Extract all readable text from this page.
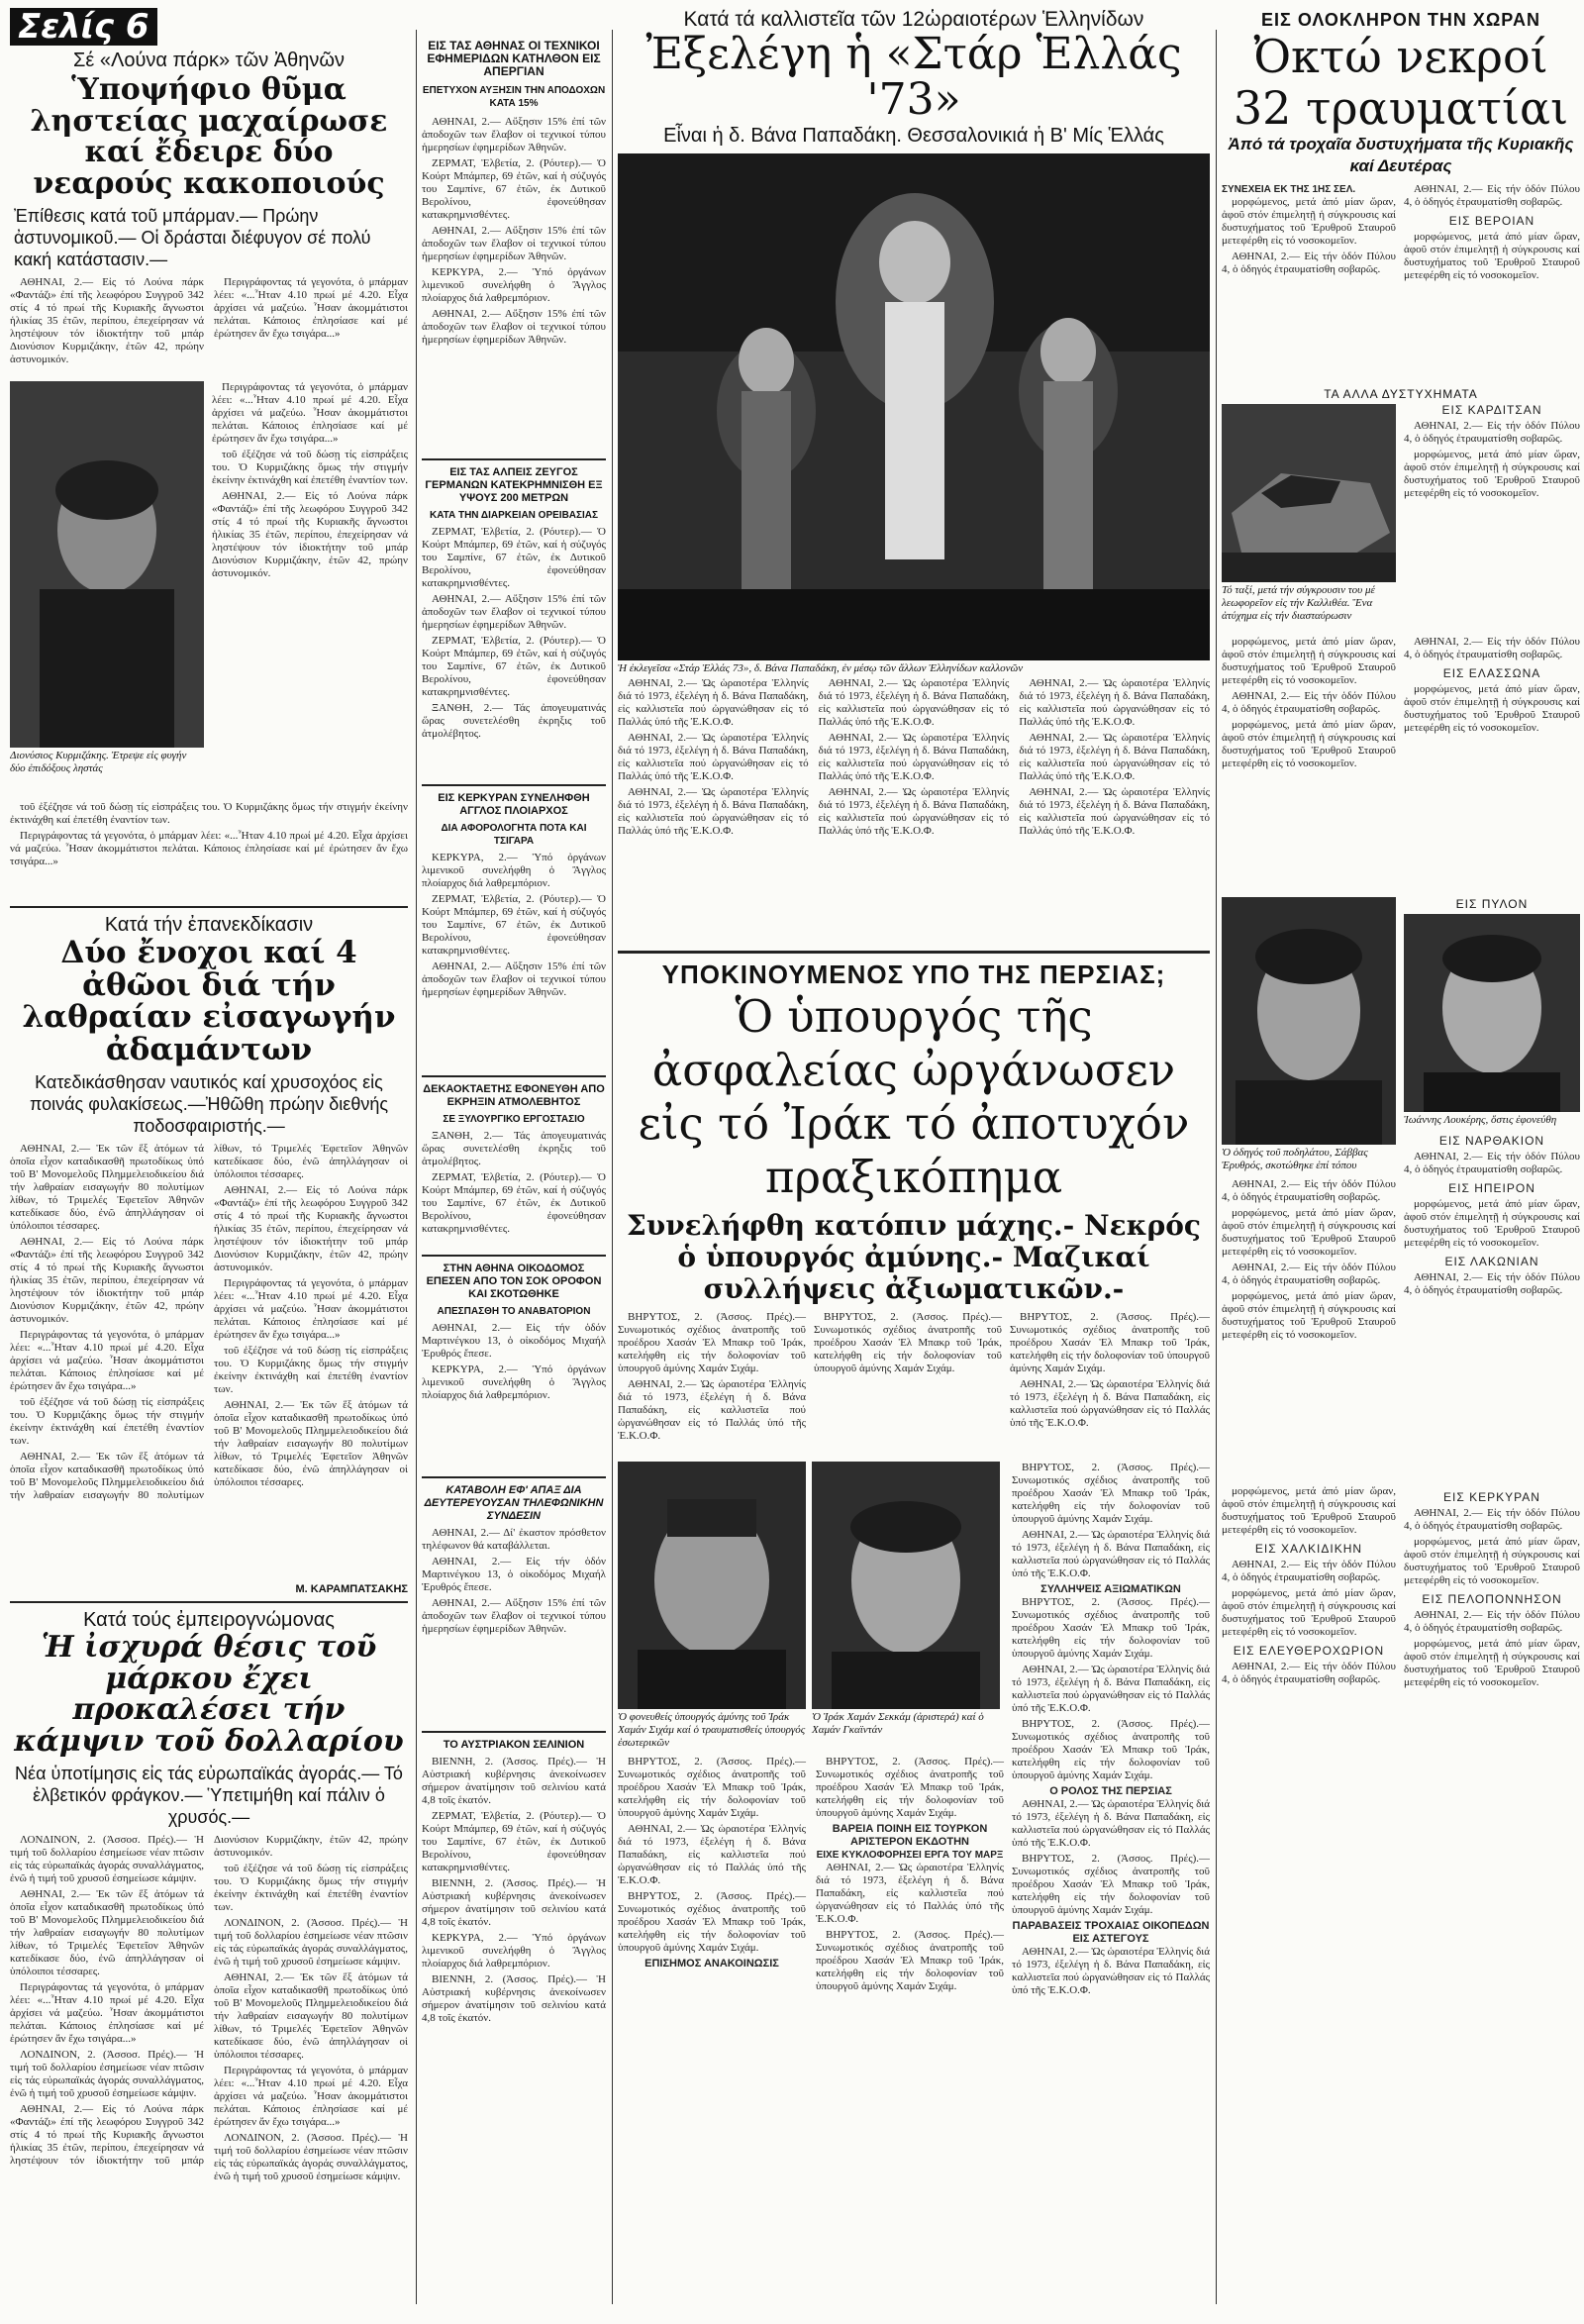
Σελίς 6
Σέ «Λούνα πάρκ» τῶν Ἀθηνῶν
Ὑποψήφιο θῦμα ληστείας μαχαίρωσε καί ἔδειρε δύο νεαρούς κακοποιούς
Ἐπίθεσις κατά τοῦ μπάρμαν.— Πρώην ἀστυνομικοῦ.— Οἱ δράσται διέφυγον σέ πολύ κακή κατάστασιν.—

ΑΘΗΝΑΙ, 2.— Εἰς τό Λούνα πάρκ «Φαντάζι» ἐπί τῆς λεωφόρου Συγγροῦ 342 στίς 4 τό πρωί τῆς Κυριακῆς ἄγνωστοι ἡλικίας 35 ἐτῶν, περίπου, ἐπεχείρησαν νά ληστέψουν τόν ἰδιοκτήτην τοῦ μπάρ Διονύσιον Κυρμιζάκην, ἐτῶν 42, πρώην ἀστυνομικόν.

Περιγράφοντας τά γεγονότα, ὁ μπάρμαν λέει: «...Ἦταν 4.10 πρωί μέ 4.20. Εἶχα ἀρχίσει νά μαζεύω. Ἦσαν ἀκομμάτιστοι πελάται. Κάποιος ἐπλησίασε καί μέ ἐρώτησεν ἄν ἔχω τσιγάρα...»

Διονύσιος Κυρμιζάκης. Ἐτρεψε εἰς φυγήν δύο ἐπιδόξους ληστάς

Περιγράφοντας τά γεγονότα, ὁ μπάρμαν λέει: «...Ἦταν 4.10 πρωί μέ 4.20. Εἶχα ἀρχίσει νά μαζεύω. Ἦσαν ἀκομμάτιστοι πελάται. Κάποιος ἐπλησίασε καί μέ ἐρώτησεν ἄν ἔχω τσιγάρα...»

τοῦ ἐξέζησε νά τοῦ δώσῃ τίς εἰσπράξεις του. Ὁ Κυρμιζάκης ὅμως τήν στιγμήν ἐκείνην ἐκτινάχθη καί ἐπετέθη ἐναντίον των.

ΑΘΗΝΑΙ, 2.— Εἰς τό Λούνα πάρκ «Φαντάζι» ἐπί τῆς λεωφόρου Συγγροῦ 342 στίς 4 τό πρωί τῆς Κυριακῆς ἄγνωστοι ἡλικίας 35 ἐτῶν, περίπου, ἐπεχείρησαν νά ληστέψουν τόν ἰδιοκτήτην τοῦ μπάρ Διονύσιον Κυρμιζάκην, ἐτῶν 42, πρώην ἀστυνομικόν.

τοῦ ἐξέζησε νά τοῦ δώσῃ τίς εἰσπράξεις του. Ὁ Κυρμιζάκης ὅμως τήν στιγμήν ἐκείνην ἐκτινάχθη καί ἐπετέθη ἐναντίον των.

Περιγράφοντας τά γεγονότα, ὁ μπάρμαν λέει: «...Ἦταν 4.10 πρωί μέ 4.20. Εἶχα ἀρχίσει νά μαζεύω. Ἦσαν ἀκομμάτιστοι πελάται. Κάποιος ἐπλησίασε καί μέ ἐρώτησεν ἄν ἔχω τσιγάρα...»

Κατά τήν ἐπανεκδίκασιν
Δύο ἔνοχοι καί 4 ἀθῶοι διά τήν λαθραίαν εἰσαγωγήν ἀδαμάντων
Κατεδικάσθησαν ναυτικός καί χρυσοχόος εἰς ποινάς φυλακίσεως.—Ἠθῶθη πρώην διεθνής ποδοσφαιριστής.—

ΑΘΗΝΑΙ, 2.— Ἐκ τῶν ἕξ ἀτόμων τά ὁποῖα εἶχον καταδικασθῆ πρωτοδίκως ὑπό τοῦ Β' Μονομελοῦς Πλημμελειοδικείου διά τήν λαθραίαν εισαγωγήν 80 πολυτίμων λίθων, τό Τριμελές Ἐφετεῖον Ἀθηνῶν κατεδίκασε δύο, ἐνῶ ἀπηλλάγησαν οἱ ὑπόλοιποι τέσσαρες.

ΑΘΗΝΑΙ, 2.— Εἰς τό Λούνα πάρκ «Φαντάζι» ἐπί τῆς λεωφόρου Συγγροῦ 342 στίς 4 τό πρωί τῆς Κυριακῆς ἄγνωστοι ἡλικίας 35 ἐτῶν, περίπου, ἐπεχείρησαν νά ληστέψουν τόν ἰδιοκτήτην τοῦ μπάρ Διονύσιον Κυρμιζάκην, ἐτῶν 42, πρώην ἀστυνομικόν.

Περιγράφοντας τά γεγονότα, ὁ μπάρμαν λέει: «...Ἦταν 4.10 πρωί μέ 4.20. Εἶχα ἀρχίσει νά μαζεύω. Ἦσαν ἀκομμάτιστοι πελάται. Κάποιος ἐπλησίασε καί μέ ἐρώτησεν ἄν ἔχω τσιγάρα...»

τοῦ ἐξέζησε νά τοῦ δώσῃ τίς εἰσπράξεις του. Ὁ Κυρμιζάκης ὅμως τήν στιγμήν ἐκείνην ἐκτινάχθη καί ἐπετέθη ἐναντίον των.

ΑΘΗΝΑΙ, 2.— Ἐκ τῶν ἕξ ἀτόμων τά ὁποῖα εἶχον καταδικασθῆ πρωτοδίκως ὑπό τοῦ Β' Μονομελοῦς Πλημμελειοδικείου διά τήν λαθραίαν εισαγωγήν 80 πολυτίμων λίθων, τό Τριμελές Ἐφετεῖον Ἀθηνῶν κατεδίκασε δύο, ἐνῶ ἀπηλλάγησαν οἱ ὑπόλοιποι τέσσαρες.

ΑΘΗΝΑΙ, 2.— Εἰς τό Λούνα πάρκ «Φαντάζι» ἐπί τῆς λεωφόρου Συγγροῦ 342 στίς 4 τό πρωί τῆς Κυριακῆς ἄγνωστοι ἡλικίας 35 ἐτῶν, περίπου, ἐπεχείρησαν νά ληστέψουν τόν ἰδιοκτήτην τοῦ μπάρ Διονύσιον Κυρμιζάκην, ἐτῶν 42, πρώην ἀστυνομικόν.

Περιγράφοντας τά γεγονότα, ὁ μπάρμαν λέει: «...Ἦταν 4.10 πρωί μέ 4.20. Εἶχα ἀρχίσει νά μαζεύω. Ἦσαν ἀκομμάτιστοι πελάται. Κάποιος ἐπλησίασε καί μέ ἐρώτησεν ἄν ἔχω τσιγάρα...»

τοῦ ἐξέζησε νά τοῦ δώσῃ τίς εἰσπράξεις του. Ὁ Κυρμιζάκης ὅμως τήν στιγμήν ἐκείνην ἐκτινάχθη καί ἐπετέθη ἐναντίον των.

ΑΘΗΝΑΙ, 2.— Ἐκ τῶν ἕξ ἀτόμων τά ὁποῖα εἶχον καταδικασθῆ πρωτοδίκως ὑπό τοῦ Β' Μονομελοῦς Πλημμελειοδικείου διά τήν λαθραίαν εισαγωγήν 80 πολυτίμων λίθων, τό Τριμελές Ἐφετεῖον Ἀθηνῶν κατεδίκασε δύο, ἐνῶ ἀπηλλάγησαν οἱ ὑπόλοιποι τέσσαρες.

Μ. ΚΑΡΑΜΠΑΤΣΑΚΗΣ
Κατά τούς ἐμπειρογνώμονας
Ἡ ἰσχυρά θέσις τοῦ μάρκου ἔχει προκαλέσει τήν κάμψιν τοῦ δολλαρίου
Νέα ὑποτίμησις εἰς τάς εὐρωπαϊκάς ἀγοράς.— Τό ἐλβετικόν φράγκον.— Ὑπετιμήθη καί πάλιν ὁ χρυσός.—

ΛΟΝΔΙΝΟΝ, 2. (Ἀσσοσ. Πρές).— Ἡ τιμή τοῦ δολλαρίου ἐσημείωσε νέαν πτῶσιν εἰς τάς εὐρωπαϊκάς ἀγοράς συναλλάγματος, ἐνῶ ἡ τιμή τοῦ χρυσοῦ ἐσημείωσε κάμψιν.

ΑΘΗΝΑΙ, 2.— Ἐκ τῶν ἕξ ἀτόμων τά ὁποῖα εἶχον καταδικασθῆ πρωτοδίκως ὑπό τοῦ Β' Μονομελοῦς Πλημμελειοδικείου διά τήν λαθραίαν εισαγωγήν 80 πολυτίμων λίθων, τό Τριμελές Ἐφετεῖον Ἀθηνῶν κατεδίκασε δύο, ἐνῶ ἀπηλλάγησαν οἱ ὑπόλοιποι τέσσαρες.

Περιγράφοντας τά γεγονότα, ὁ μπάρμαν λέει: «...Ἦταν 4.10 πρωί μέ 4.20. Εἶχα ἀρχίσει νά μαζεύω. Ἦσαν ἀκομμάτιστοι πελάται. Κάποιος ἐπλησίασε καί μέ ἐρώτησεν ἄν ἔχω τσιγάρα...»

ΛΟΝΔΙΝΟΝ, 2. (Ἀσσοσ. Πρές).— Ἡ τιμή τοῦ δολλαρίου ἐσημείωσε νέαν πτῶσιν εἰς τάς εὐρωπαϊκάς ἀγοράς συναλλάγματος, ἐνῶ ἡ τιμή τοῦ χρυσοῦ ἐσημείωσε κάμψιν.

ΑΘΗΝΑΙ, 2.— Εἰς τό Λούνα πάρκ «Φαντάζι» ἐπί τῆς λεωφόρου Συγγροῦ 342 στίς 4 τό πρωί τῆς Κυριακῆς ἄγνωστοι ἡλικίας 35 ἐτῶν, περίπου, ἐπεχείρησαν νά ληστέψουν τόν ἰδιοκτήτην τοῦ μπάρ Διονύσιον Κυρμιζάκην, ἐτῶν 42, πρώην ἀστυνομικόν.

τοῦ ἐξέζησε νά τοῦ δώσῃ τίς εἰσπράξεις του. Ὁ Κυρμιζάκης ὅμως τήν στιγμήν ἐκείνην ἐκτινάχθη καί ἐπετέθη ἐναντίον των.

ΛΟΝΔΙΝΟΝ, 2. (Ἀσσοσ. Πρές).— Ἡ τιμή τοῦ δολλαρίου ἐσημείωσε νέαν πτῶσιν εἰς τάς εὐρωπαϊκάς ἀγοράς συναλλάγματος, ἐνῶ ἡ τιμή τοῦ χρυσοῦ ἐσημείωσε κάμψιν.

ΑΘΗΝΑΙ, 2.— Ἐκ τῶν ἕξ ἀτόμων τά ὁποῖα εἶχον καταδικασθῆ πρωτοδίκως ὑπό τοῦ Β' Μονομελοῦς Πλημμελειοδικείου διά τήν λαθραίαν εισαγωγήν 80 πολυτίμων λίθων, τό Τριμελές Ἐφετεῖον Ἀθηνῶν κατεδίκασε δύο, ἐνῶ ἀπηλλάγησαν οἱ ὑπόλοιποι τέσσαρες.

Περιγράφοντας τά γεγονότα, ὁ μπάρμαν λέει: «...Ἦταν 4.10 πρωί μέ 4.20. Εἶχα ἀρχίσει νά μαζεύω. Ἦσαν ἀκομμάτιστοι πελάται. Κάποιος ἐπλησίασε καί μέ ἐρώτησεν ἄν ἔχω τσιγάρα...»

ΛΟΝΔΙΝΟΝ, 2. (Ἀσσοσ. Πρές).— Ἡ τιμή τοῦ δολλαρίου ἐσημείωσε νέαν πτῶσιν εἰς τάς εὐρωπαϊκάς ἀγοράς συναλλάγματος, ἐνῶ ἡ τιμή τοῦ χρυσοῦ ἐσημείωσε κάμψιν.

ΕΙΣ ΤΑΣ ΑΘΗΝΑΣ ΟΙ ΤΕΧΝΙΚΟΙ ΕΦΗΜΕΡΙΔΩΝ ΚΑΤΗΛΘΟΝ ΕΙΣ ΑΠΕΡΓΙΑΝ
ΕΠΕΤΥΧΟΝ ΑΥΞΗΣΙΝ ΤΗΝ ΑΠΟΔΟΧΩΝ ΚΑΤΑ 15%

ΑΘΗΝΑΙ, 2.— Αὔξησιν 15% ἐπί τῶν ἀποδοχῶν των ἔλαβον οἱ τεχνικοί τύπου ἡμερησίων ἐφημερίδων Ἀθηνῶν.

ΖΕΡΜΑΤ, Ἐλβετία, 2. (Ρόυτερ).— Ὁ Κούρτ Μπάμπερ, 69 ἐτῶν, καί ἡ σύζυγός του Σαμπίνε, 67 ἐτῶν, ἐκ Δυτικοῦ Βερολίνου, ἐφονεύθησαν κατακρημνισθέντες.

ΑΘΗΝΑΙ, 2.— Αὔξησιν 15% ἐπί τῶν ἀποδοχῶν των ἔλαβον οἱ τεχνικοί τύπου ἡμερησίων ἐφημερίδων Ἀθηνῶν.

ΚΕΡΚΥΡΑ, 2.— Ὑπό ὀργάνων λιμενικοῦ συνελήφθη ὁ Ἄγγλος πλοίαρχος διά λαθρεμπόριον.

ΑΘΗΝΑΙ, 2.— Αὔξησιν 15% ἐπί τῶν ἀποδοχῶν των ἔλαβον οἱ τεχνικοί τύπου ἡμερησίων ἐφημερίδων Ἀθηνῶν.

ΕΙΣ ΤΑΣ ΑΛΠΕΙΣ ΖΕΥΓΟΣ ΓΕΡΜΑΝΩΝ ΚΑΤΕΚΡΗΜΝΙΣΘΗ ΕΞ ΥΨΟΥΣ 200 ΜΕΤΡΩΝ
ΚΑΤΑ ΤΗΝ ΔΙΑΡΚΕΙΑΝ ΟΡΕΙΒΑΣΙΑΣ

ΖΕΡΜΑΤ, Ἐλβετία, 2. (Ρόυτερ).— Ὁ Κούρτ Μπάμπερ, 69 ἐτῶν, καί ἡ σύζυγός του Σαμπίνε, 67 ἐτῶν, ἐκ Δυτικοῦ Βερολίνου, ἐφονεύθησαν κατακρημνισθέντες.

ΑΘΗΝΑΙ, 2.— Αὔξησιν 15% ἐπί τῶν ἀποδοχῶν των ἔλαβον οἱ τεχνικοί τύπου ἡμερησίων ἐφημερίδων Ἀθηνῶν.

ΖΕΡΜΑΤ, Ἐλβετία, 2. (Ρόυτερ).— Ὁ Κούρτ Μπάμπερ, 69 ἐτῶν, καί ἡ σύζυγός του Σαμπίνε, 67 ἐτῶν, ἐκ Δυτικοῦ Βερολίνου, ἐφονεύθησαν κατακρημνισθέντες.

ΞΑΝΘΗ, 2.— Τάς ἀπογευματινάς ὥρας συνετελέσθη ἐκρηξις τοῦ ἀτμολέβητος.

ΕΙΣ ΚΕΡΚΥΡΑΝ ΣΥΝΕΛΗΦΘΗ ΑΓΓΛΟΣ ΠΛΟΙΑΡΧΟΣ
ΔΙΑ ΑΦΟΡΟΛΟΓΗΤΑ ΠΟΤΑ ΚΑΙ ΤΣΙΓΑΡΑ

ΚΕΡΚΥΡΑ, 2.— Ὑπό ὀργάνων λιμενικοῦ συνελήφθη ὁ Ἄγγλος πλοίαρχος διά λαθρεμπόριον.

ΖΕΡΜΑΤ, Ἐλβετία, 2. (Ρόυτερ).— Ὁ Κούρτ Μπάμπερ, 69 ἐτῶν, καί ἡ σύζυγός του Σαμπίνε, 67 ἐτῶν, ἐκ Δυτικοῦ Βερολίνου, ἐφονεύθησαν κατακρημνισθέντες.

ΑΘΗΝΑΙ, 2.— Αὔξησιν 15% ἐπί τῶν ἀποδοχῶν των ἔλαβον οἱ τεχνικοί τύπου ἡμερησίων ἐφημερίδων Ἀθηνῶν.

ΔΕΚΑΟΚΤΑΕΤΗΣ ΕΦΟΝΕΥΘΗ ΑΠΟ ΕΚΡΗΞΙΝ ΑΤΜΟΛΕΒΗΤΟΣ
ΣΕ ΞΥΛΟΥΡΓΙΚΟ ΕΡΓΟΣΤΑΣΙΟ

ΞΑΝΘΗ, 2.— Τάς ἀπογευματινάς ὥρας συνετελέσθη ἐκρηξις τοῦ ἀτμολέβητος.

ΖΕΡΜΑΤ, Ἐλβετία, 2. (Ρόυτερ).— Ὁ Κούρτ Μπάμπερ, 69 ἐτῶν, καί ἡ σύζυγός του Σαμπίνε, 67 ἐτῶν, ἐκ Δυτικοῦ Βερολίνου, ἐφονεύθησαν κατακρημνισθέντες.

ΣΤΗΝ ΑΘΗΝΑ ΟΙΚΟΔΟΜΟΣ ΕΠΕΣΕΝ ΑΠΟ ΤΟΝ ΣΟΚ ΟΡΟΦΟΝ ΚΑΙ ΣΚΟΤΩΘΗΚΕ
ΑΠΕΣΠΑΣΘΗ ΤΟ ΑΝΑΒΑΤΟΡΙΟΝ

ΑΘΗΝΑΙ, 2.— Εἰς τήν ὁδόν Μαρτινέγκου 13, ὁ οἰκοδόμος Μιχαήλ Ἐρυθρός ἔπεσε.

ΚΕΡΚΥΡΑ, 2.— Ὑπό ὀργάνων λιμενικοῦ συνελήφθη ὁ Ἄγγλος πλοίαρχος διά λαθρεμπόριον.

ΚΑΤΑΒΟΛΗ ΕΦ' ΑΠΑΞ ΔΙΑ ΔΕΥΤΕΡΕΥΟΥΣΑΝ ΤΗΛΕΦΩΝΙΚΗΝ ΣΥΝΔΕΣΙΝ

ΑΘΗΝΑΙ, 2.— Δί' ἐκαστον πρόσθετον τηλέφωνον θά καταβάλλεται.

ΑΘΗΝΑΙ, 2.— Εἰς τήν ὁδόν Μαρτινέγκου 13, ὁ οἰκοδόμος Μιχαήλ Ἐρυθρός ἔπεσε.

ΑΘΗΝΑΙ, 2.— Αὔξησιν 15% ἐπί τῶν ἀποδοχῶν των ἔλαβον οἱ τεχνικοί τύπου ἡμερησίων ἐφημερίδων Ἀθηνῶν.

ΤΟ ΑΥΣΤΡΙΑΚΟΝ ΣΕΛΙΝΙΟΝ

ΒΙΕΝΝΗ, 2. (Ἀσσος. Πρές).— Ἡ Αὐστριακή κυβέρνησις ἀνεκοίνωσεν σήμερον ἀνατίμησιν τοῦ σελινίου κατά 4,8 τοῖς ἑκατόν.

ΖΕΡΜΑΤ, Ἐλβετία, 2. (Ρόυτερ).— Ὁ Κούρτ Μπάμπερ, 69 ἐτῶν, καί ἡ σύζυγός του Σαμπίνε, 67 ἐτῶν, ἐκ Δυτικοῦ Βερολίνου, ἐφονεύθησαν κατακρημνισθέντες.

ΒΙΕΝΝΗ, 2. (Ἀσσος. Πρές).— Ἡ Αὐστριακή κυβέρνησις ἀνεκοίνωσεν σήμερον ἀνατίμησιν τοῦ σελινίου κατά 4,8 τοῖς ἑκατόν.

ΚΕΡΚΥΡΑ, 2.— Ὑπό ὀργάνων λιμενικοῦ συνελήφθη ὁ Ἄγγλος πλοίαρχος διά λαθρεμπόριον.

ΒΙΕΝΝΗ, 2. (Ἀσσος. Πρές).— Ἡ Αὐστριακή κυβέρνησις ἀνεκοίνωσεν σήμερον ἀνατίμησιν τοῦ σελινίου κατά 4,8 τοῖς ἑκατόν.

Κατά τά καλλιστεῖα τῶν 12ὡραιοτέρων Ἑλληνίδων
Ἐξελέγη ἡ «Στάρ Ἑλλάς '73»
Εἶναι ἡ δ. Βάνα Παπαδάκη. Θεσσαλονικιά ἡ Β' Μίς Ἑλλάς
Ἡ ἐκλεγεῖσα «Στάρ Ἑλλάς 73», δ. Βάνα Παπαδάκη, ἐν μέσῳ τῶν ἄλλων Ἑλληνίδων καλλονῶν

ΑΘΗΝΑΙ, 2.— Ὡς ὡραιοτέρα Ἑλληνίς διά τό 1973, ἐξελέγη ἡ δ. Βάνα Παπαδάκη, εἰς καλλιστεῖα πού ὠργανώθησαν εἰς τό Παλλάς ὑπό τῆς Ἐ.Κ.Ο.Φ.

ΑΘΗΝΑΙ, 2.— Ὡς ὡραιοτέρα Ἑλληνίς διά τό 1973, ἐξελέγη ἡ δ. Βάνα Παπαδάκη, εἰς καλλιστεῖα πού ὠργανώθησαν εἰς τό Παλλάς ὑπό τῆς Ἐ.Κ.Ο.Φ.

ΑΘΗΝΑΙ, 2.— Ὡς ὡραιοτέρα Ἑλληνίς διά τό 1973, ἐξελέγη ἡ δ. Βάνα Παπαδάκη, εἰς καλλιστεῖα πού ὠργανώθησαν εἰς τό Παλλάς ὑπό τῆς Ἐ.Κ.Ο.Φ.

ΑΘΗΝΑΙ, 2.— Ὡς ὡραιοτέρα Ἑλληνίς διά τό 1973, ἐξελέγη ἡ δ. Βάνα Παπαδάκη, εἰς καλλιστεῖα πού ὠργανώθησαν εἰς τό Παλλάς ὑπό τῆς Ἐ.Κ.Ο.Φ.

ΑΘΗΝΑΙ, 2.— Ὡς ὡραιοτέρα Ἑλληνίς διά τό 1973, ἐξελέγη ἡ δ. Βάνα Παπαδάκη, εἰς καλλιστεῖα πού ὠργανώθησαν εἰς τό Παλλάς ὑπό τῆς Ἐ.Κ.Ο.Φ.

ΑΘΗΝΑΙ, 2.— Ὡς ὡραιοτέρα Ἑλληνίς διά τό 1973, ἐξελέγη ἡ δ. Βάνα Παπαδάκη, εἰς καλλιστεῖα πού ὠργανώθησαν εἰς τό Παλλάς ὑπό τῆς Ἐ.Κ.Ο.Φ.

ΑΘΗΝΑΙ, 2.— Ὡς ὡραιοτέρα Ἑλληνίς διά τό 1973, ἐξελέγη ἡ δ. Βάνα Παπαδάκη, εἰς καλλιστεῖα πού ὠργανώθησαν εἰς τό Παλλάς ὑπό τῆς Ἐ.Κ.Ο.Φ.

ΑΘΗΝΑΙ, 2.— Ὡς ὡραιοτέρα Ἑλληνίς διά τό 1973, ἐξελέγη ἡ δ. Βάνα Παπαδάκη, εἰς καλλιστεῖα πού ὠργανώθησαν εἰς τό Παλλάς ὑπό τῆς Ἐ.Κ.Ο.Φ.

ΑΘΗΝΑΙ, 2.— Ὡς ὡραιοτέρα Ἑλληνίς διά τό 1973, ἐξελέγη ἡ δ. Βάνα Παπαδάκη, εἰς καλλιστεῖα πού ὠργανώθησαν εἰς τό Παλλάς ὑπό τῆς Ἐ.Κ.Ο.Φ.

ΥΠΟΚΙΝΟΥΜΕΝΟΣ ΥΠΟ ΤΗΣ ΠΕΡΣΙΑΣ;
Ὁ ὑπουργός τῆς ἀσφαλείας ὠργάνωσεν εἰς τό Ἰράκ τό ἀποτυχόν πραξικόπημα
Συνελήφθη κατόπιν μάχης.- Νεκρός ὁ ὑπουργός ἀμύνης.- Μαζικαί συλλήψεις ἀξιωματικῶν.-

ΒΗΡΥΤΟΣ, 2. (Ἀσσος. Πρές).— Συνωμοτικός σχέδιος ἀνατροπῆς τοῦ προέδρου Χασάν Ἐλ Μπακρ τοῦ Ἰράκ, κατελήφθη εἰς τήν δολοφονίαν τοῦ ὑπουργοῦ ἀμύνης Χαμάν Σιχάμ.

ΑΘΗΝΑΙ, 2.— Ὡς ὡραιοτέρα Ἑλληνίς διά τό 1973, ἐξελέγη ἡ δ. Βάνα Παπαδάκη, εἰς καλλιστεῖα πού ὠργανώθησαν εἰς τό Παλλάς ὑπό τῆς Ἐ.Κ.Ο.Φ.

ΒΗΡΥΤΟΣ, 2. (Ἀσσος. Πρές).— Συνωμοτικός σχέδιος ἀνατροπῆς τοῦ προέδρου Χασάν Ἐλ Μπακρ τοῦ Ἰράκ, κατελήφθη εἰς τήν δολοφονίαν τοῦ ὑπουργοῦ ἀμύνης Χαμάν Σιχάμ.

ΒΗΡΥΤΟΣ, 2. (Ἀσσος. Πρές).— Συνωμοτικός σχέδιος ἀνατροπῆς τοῦ προέδρου Χασάν Ἐλ Μπακρ τοῦ Ἰράκ, κατελήφθη εἰς τήν δολοφονίαν τοῦ ὑπουργοῦ ἀμύνης Χαμάν Σιχάμ.

ΑΘΗΝΑΙ, 2.— Ὡς ὡραιοτέρα Ἑλληνίς διά τό 1973, ἐξελέγη ἡ δ. Βάνα Παπαδάκη, εἰς καλλιστεῖα πού ὠργανώθησαν εἰς τό Παλλάς ὑπό τῆς Ἐ.Κ.Ο.Φ.

Ὁ φονευθείς ὑπουργός ἀμύνης τοῦ Ἰράκ Χαμάν Σιχάμ καί ὁ τραυματισθείς ὑπουργός ἐσωτερικῶν
Ὁ Ἰράκ Χαμάν Σεκκάμ (ἀριστερά) καί ὁ Χαμάν Γκαϊντάν

ΒΗΡΥΤΟΣ, 2. (Ἀσσος. Πρές).— Συνωμοτικός σχέδιος ἀνατροπῆς τοῦ προέδρου Χασάν Ἐλ Μπακρ τοῦ Ἰράκ, κατελήφθη εἰς τήν δολοφονίαν τοῦ ὑπουργοῦ ἀμύνης Χαμάν Σιχάμ.

ΑΘΗΝΑΙ, 2.— Ὡς ὡραιοτέρα Ἑλληνίς διά τό 1973, ἐξελέγη ἡ δ. Βάνα Παπαδάκη, εἰς καλλιστεῖα πού ὠργανώθησαν εἰς τό Παλλάς ὑπό τῆς Ἐ.Κ.Ο.Φ.

ΒΗΡΥΤΟΣ, 2. (Ἀσσος. Πρές).— Συνωμοτικός σχέδιος ἀνατροπῆς τοῦ προέδρου Χασάν Ἐλ Μπακρ τοῦ Ἰράκ, κατελήφθη εἰς τήν δολοφονίαν τοῦ ὑπουργοῦ ἀμύνης Χαμάν Σιχάμ.

ΕΠΙΣΗΜΟΣ ΑΝΑΚΟΙΝΩΣΙΣ

ΒΗΡΥΤΟΣ, 2. (Ἀσσος. Πρές).— Συνωμοτικός σχέδιος ἀνατροπῆς τοῦ προέδρου Χασάν Ἐλ Μπακρ τοῦ Ἰράκ, κατελήφθη εἰς τήν δολοφονίαν τοῦ ὑπουργοῦ ἀμύνης Χαμάν Σιχάμ.

ΒΑΡΕΙΑ ΠΟΙΝΗ ΕΙΣ ΤΟΥΡΚΟΝ ΑΡΙΣΤΕΡΟΝ ΕΚΔΟΤΗΝ
ΕΙΧΕ ΚΥΚΛΟΦΟΡΗΣΕΙ ΕΡΓΑ ΤΟΥ ΜΑΡΞ

ΑΘΗΝΑΙ, 2.— Ὡς ὡραιοτέρα Ἑλληνίς διά τό 1973, ἐξελέγη ἡ δ. Βάνα Παπαδάκη, εἰς καλλιστεῖα πού ὠργανώθησαν εἰς τό Παλλάς ὑπό τῆς Ἐ.Κ.Ο.Φ.

ΒΗΡΥΤΟΣ, 2. (Ἀσσος. Πρές).— Συνωμοτικός σχέδιος ἀνατροπῆς τοῦ προέδρου Χασάν Ἐλ Μπακρ τοῦ Ἰράκ, κατελήφθη εἰς τήν δολοφονίαν τοῦ ὑπουργοῦ ἀμύνης Χαμάν Σιχάμ.

ΒΗΡΥΤΟΣ, 2. (Ἀσσος. Πρές).— Συνωμοτικός σχέδιος ἀνατροπῆς τοῦ προέδρου Χασάν Ἐλ Μπακρ τοῦ Ἰράκ, κατελήφθη εἰς τήν δολοφονίαν τοῦ ὑπουργοῦ ἀμύνης Χαμάν Σιχάμ.

ΑΘΗΝΑΙ, 2.— Ὡς ὡραιοτέρα Ἑλληνίς διά τό 1973, ἐξελέγη ἡ δ. Βάνα Παπαδάκη, εἰς καλλιστεῖα πού ὠργανώθησαν εἰς τό Παλλάς ὑπό τῆς Ἐ.Κ.Ο.Φ.

ΣΥΛΛΗΨΕΙΣ ΑΞΙΩΜΑΤΙΚΩΝ

ΒΗΡΥΤΟΣ, 2. (Ἀσσος. Πρές).— Συνωμοτικός σχέδιος ἀνατροπῆς τοῦ προέδρου Χασάν Ἐλ Μπακρ τοῦ Ἰράκ, κατελήφθη εἰς τήν δολοφονίαν τοῦ ὑπουργοῦ ἀμύνης Χαμάν Σιχάμ.

ΑΘΗΝΑΙ, 2.— Ὡς ὡραιοτέρα Ἑλληνίς διά τό 1973, ἐξελέγη ἡ δ. Βάνα Παπαδάκη, εἰς καλλιστεῖα πού ὠργανώθησαν εἰς τό Παλλάς ὑπό τῆς Ἐ.Κ.Ο.Φ.

ΒΗΡΥΤΟΣ, 2. (Ἀσσος. Πρές).— Συνωμοτικός σχέδιος ἀνατροπῆς τοῦ προέδρου Χασάν Ἐλ Μπακρ τοῦ Ἰράκ, κατελήφθη εἰς τήν δολοφονίαν τοῦ ὑπουργοῦ ἀμύνης Χαμάν Σιχάμ.

Ο ΡΟΛΟΣ ΤΗΣ ΠΕΡΣΙΑΣ

ΑΘΗΝΑΙ, 2.— Ὡς ὡραιοτέρα Ἑλληνίς διά τό 1973, ἐξελέγη ἡ δ. Βάνα Παπαδάκη, εἰς καλλιστεῖα πού ὠργανώθησαν εἰς τό Παλλάς ὑπό τῆς Ἐ.Κ.Ο.Φ.

ΒΗΡΥΤΟΣ, 2. (Ἀσσος. Πρές).— Συνωμοτικός σχέδιος ἀνατροπῆς τοῦ προέδρου Χασάν Ἐλ Μπακρ τοῦ Ἰράκ, κατελήφθη εἰς τήν δολοφονίαν τοῦ ὑπουργοῦ ἀμύνης Χαμάν Σιχάμ.

ΠΑΡΑΒΑΣΕΙΣ ΤΡΟΧΑΙΑΣ ΟΙΚΟΠΕΔΩΝ ΕΙΣ ΑΣΤΕΓΟΥΣ

ΑΘΗΝΑΙ, 2.— Ὡς ὡραιοτέρα Ἑλληνίς διά τό 1973, ἐξελέγη ἡ δ. Βάνα Παπαδάκη, εἰς καλλιστεῖα πού ὠργανώθησαν εἰς τό Παλλάς ὑπό τῆς Ἐ.Κ.Ο.Φ.

ΕΙΣ ΟΛΟΚΛΗΡΟΝ ΤΗΝ ΧΩΡΑΝ
Ὀκτώ νεκροί 32 τραυματίαι
Ἀπό τά τροχαῖα δυστυχήματα τῆς Κυριακῆς καί Δευτέρας
ΣΥΝΕΧΕΙΑ ΕΚ ΤΗΣ 1ΗΣ ΣΕΛ.

μορφώμενος, μετά ἀπό μίαν ὥραν, ἀφοῦ στόν ἐπιμελητῇ ἡ σύγκρουσις καί δυστυχήματος τοῦ Ἐρυθροῦ Σταυροῦ μετεφέρθη εἰς τό νοσοκομεῖον.

ΑΘΗΝΑΙ, 2.— Εἰς τήν ὁδόν Πύλου 4, ὁ ὁδηγός ἐτραυματίσθη σοβαρῶς.

ΑΘΗΝΑΙ, 2.— Εἰς τήν ὁδόν Πύλου 4, ὁ ὁδηγός ἐτραυματίσθη σοβαρῶς.

ΕΙΣ ΒΕΡΟΙΑΝ

μορφώμενος, μετά ἀπό μίαν ὥραν, ἀφοῦ στόν ἐπιμελητῇ ἡ σύγκρουσις καί δυστυχήματος τοῦ Ἐρυθροῦ Σταυροῦ μετεφέρθη εἰς τό νοσοκομεῖον.

ΤΑ ΑΛΛΑ ΔΥΣΤΥΧΗΜΑΤΑ
Τό ταξί, μετά τήν σύγκρουσιν του μέ λεωφορεῖον εἰς τήν Καλλιθέα. Ἕνα ἀτύχημα εἰς τήν διασταύρωσιν
ΕΙΣ ΚΑΡΔΙΤΣΑΝ

ΑΘΗΝΑΙ, 2.— Εἰς τήν ὁδόν Πύλου 4, ὁ ὁδηγός ἐτραυματίσθη σοβαρῶς.

μορφώμενος, μετά ἀπό μίαν ὥραν, ἀφοῦ στόν ἐπιμελητῇ ἡ σύγκρουσις καί δυστυχήματος τοῦ Ἐρυθροῦ Σταυροῦ μετεφέρθη εἰς τό νοσοκομεῖον.

μορφώμενος, μετά ἀπό μίαν ὥραν, ἀφοῦ στόν ἐπιμελητῇ ἡ σύγκρουσις καί δυστυχήματος τοῦ Ἐρυθροῦ Σταυροῦ μετεφέρθη εἰς τό νοσοκομεῖον.

ΑΘΗΝΑΙ, 2.— Εἰς τήν ὁδόν Πύλου 4, ὁ ὁδηγός ἐτραυματίσθη σοβαρῶς.

μορφώμενος, μετά ἀπό μίαν ὥραν, ἀφοῦ στόν ἐπιμελητῇ ἡ σύγκρουσις καί δυστυχήματος τοῦ Ἐρυθροῦ Σταυροῦ μετεφέρθη εἰς τό νοσοκομεῖον.

ΑΘΗΝΑΙ, 2.— Εἰς τήν ὁδόν Πύλου 4, ὁ ὁδηγός ἐτραυματίσθη σοβαρῶς.

ΕΙΣ ΕΛΑΣΣΩΝΑ

μορφώμενος, μετά ἀπό μίαν ὥραν, ἀφοῦ στόν ἐπιμελητῇ ἡ σύγκρουσις καί δυστυχήματος τοῦ Ἐρυθροῦ Σταυροῦ μετεφέρθη εἰς τό νοσοκομεῖον.

Ὁ ὁδηγός τοῦ ποδηλάτου, Σάββας Ἐρυθρός, σκοτώθηκε ἐπί τόπου

ΑΘΗΝΑΙ, 2.— Εἰς τήν ὁδόν Πύλου 4, ὁ ὁδηγός ἐτραυματίσθη σοβαρῶς.

μορφώμενος, μετά ἀπό μίαν ὥραν, ἀφοῦ στόν ἐπιμελητῇ ἡ σύγκρουσις καί δυστυχήματος τοῦ Ἐρυθροῦ Σταυροῦ μετεφέρθη εἰς τό νοσοκομεῖον.

ΑΘΗΝΑΙ, 2.— Εἰς τήν ὁδόν Πύλου 4, ὁ ὁδηγός ἐτραυματίσθη σοβαρῶς.

μορφώμενος, μετά ἀπό μίαν ὥραν, ἀφοῦ στόν ἐπιμελητῇ ἡ σύγκρουσις καί δυστυχήματος τοῦ Ἐρυθροῦ Σταυροῦ μετεφέρθη εἰς τό νοσοκομεῖον.

ΕΙΣ ΠΥΛΟΝ
Ἰωάννης Λουκέρης, ὅστις ἐφονεύθη
ΕΙΣ ΝΑΡΘΑΚΙΟΝ

ΑΘΗΝΑΙ, 2.— Εἰς τήν ὁδόν Πύλου 4, ὁ ὁδηγός ἐτραυματίσθη σοβαρῶς.

ΕΙΣ ΗΠΕΙΡΟΝ

μορφώμενος, μετά ἀπό μίαν ὥραν, ἀφοῦ στόν ἐπιμελητῇ ἡ σύγκρουσις καί δυστυχήματος τοῦ Ἐρυθροῦ Σταυροῦ μετεφέρθη εἰς τό νοσοκομεῖον.

ΕΙΣ ΛΑΚΩΝΙΑΝ

ΑΘΗΝΑΙ, 2.— Εἰς τήν ὁδόν Πύλου 4, ὁ ὁδηγός ἐτραυματίσθη σοβαρῶς.

μορφώμενος, μετά ἀπό μίαν ὥραν, ἀφοῦ στόν ἐπιμελητῇ ἡ σύγκρουσις καί δυστυχήματος τοῦ Ἐρυθροῦ Σταυροῦ μετεφέρθη εἰς τό νοσοκομεῖον.

ΕΙΣ ΧΑΛΚΙΔΙΚΗΝ

ΑΘΗΝΑΙ, 2.— Εἰς τήν ὁδόν Πύλου 4, ὁ ὁδηγός ἐτραυματίσθη σοβαρῶς.

μορφώμενος, μετά ἀπό μίαν ὥραν, ἀφοῦ στόν ἐπιμελητῇ ἡ σύγκρουσις καί δυστυχήματος τοῦ Ἐρυθροῦ Σταυροῦ μετεφέρθη εἰς τό νοσοκομεῖον.

ΕΙΣ ΕΛΕΥΘΕΡΟΧΩΡΙΟΝ

ΑΘΗΝΑΙ, 2.— Εἰς τήν ὁδόν Πύλου 4, ὁ ὁδηγός ἐτραυματίσθη σοβαρῶς.

ΕΙΣ ΚΕΡΚΥΡΑΝ

ΑΘΗΝΑΙ, 2.— Εἰς τήν ὁδόν Πύλου 4, ὁ ὁδηγός ἐτραυματίσθη σοβαρῶς.

μορφώμενος, μετά ἀπό μίαν ὥραν, ἀφοῦ στόν ἐπιμελητῇ ἡ σύγκρουσις καί δυστυχήματος τοῦ Ἐρυθροῦ Σταυροῦ μετεφέρθη εἰς τό νοσοκομεῖον.

ΕΙΣ ΠΕΛΟΠΟΝΝΗΣΟΝ

ΑΘΗΝΑΙ, 2.— Εἰς τήν ὁδόν Πύλου 4, ὁ ὁδηγός ἐτραυματίσθη σοβαρῶς.

μορφώμενος, μετά ἀπό μίαν ὥραν, ἀφοῦ στόν ἐπιμελητῇ ἡ σύγκρουσις καί δυστυχήματος τοῦ Ἐρυθροῦ Σταυροῦ μετεφέρθη εἰς τό νοσοκομεῖον.
